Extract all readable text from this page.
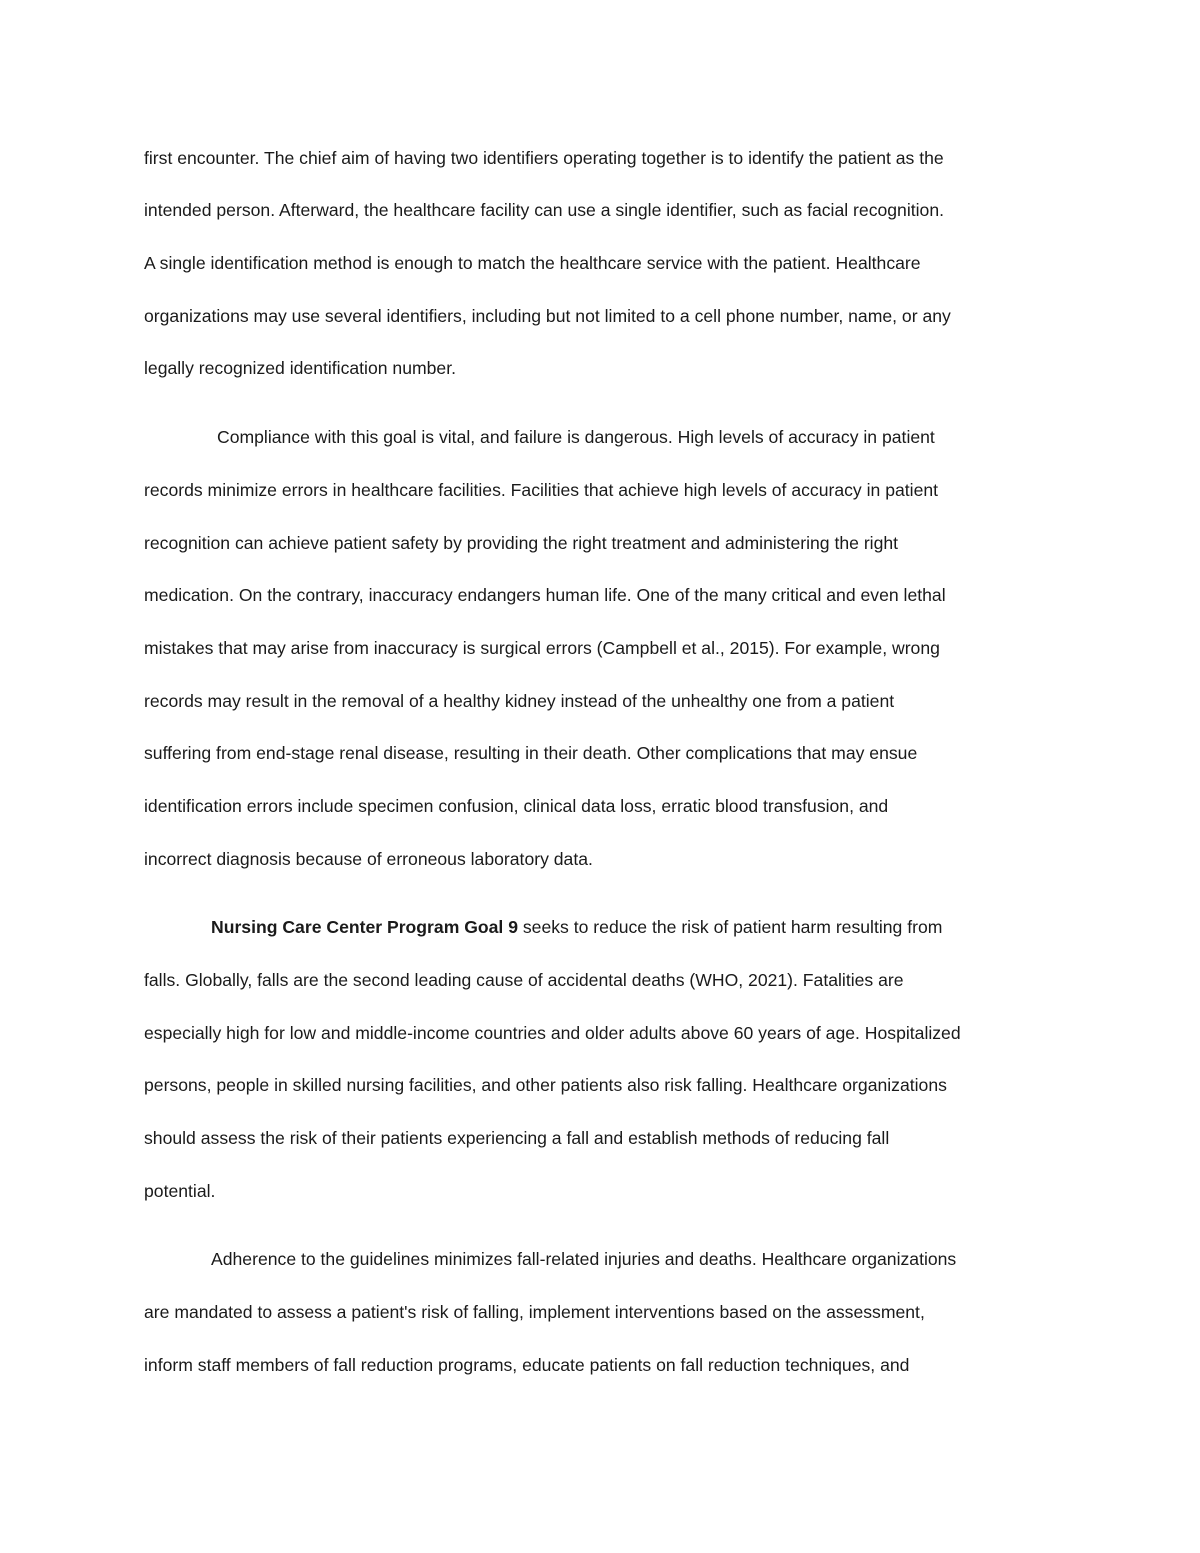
first encounter. The chief aim of having two identifiers operating together is to identify the patient as the
intended person. Afterward, the healthcare facility can use a single identifier, such as facial recognition.
A single identification method is enough to match the healthcare service with the patient. Healthcare
organizations may use several identifiers, including but not limited to a cell phone number, name, or any
legally recognized identification number.
Compliance with this goal is vital, and failure is dangerous. High levels of accuracy in patient
records minimize errors in healthcare facilities. Facilities that achieve high levels of accuracy in patient
recognition can achieve patient safety by providing the right treatment and administering the right
medication. On the contrary, inaccuracy endangers human life. One of the many critical and even lethal
mistakes that may arise from inaccuracy is surgical errors (Campbell et al., 2015). For example, wrong
records may result in the removal of a healthy kidney instead of the unhealthy one from a patient
suffering from end-stage renal disease, resulting in their death. Other complications that may ensue
identification errors include specimen confusion, clinical data loss, erratic blood transfusion, and
incorrect diagnosis because of erroneous laboratory data.
Nursing Care Center Program Goal 9 seeks to reduce the risk of patient harm resulting from
falls. Globally, falls are the second leading cause of accidental deaths (WHO, 2021). Fatalities are
especially high for low and middle-income countries and older adults above 60 years of age. Hospitalized
persons, people in skilled nursing facilities, and other patients also risk falling. Healthcare organizations
should assess the risk of their patients experiencing a fall and establish methods of reducing fall
potential.
Adherence to the guidelines minimizes fall-related injuries and deaths. Healthcare organizations
are mandated to assess a patient's risk of falling, implement interventions based on the assessment,
inform staff members of fall reduction programs, educate patients on fall reduction techniques, and
